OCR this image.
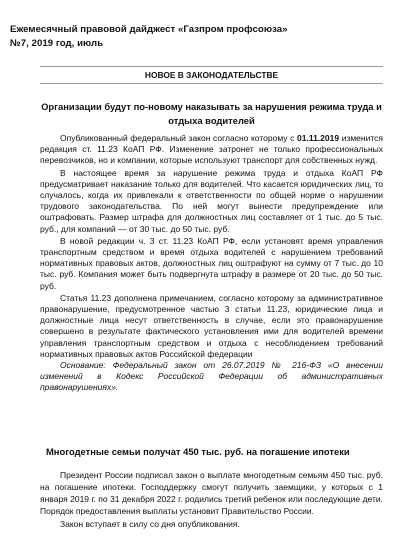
Ежемесячный правовой дайджест «Газпром профсоюза»
№7, 2019 год, июль
НОВОЕ В ЗАКОНОДАТЕЛЬСТВЕ
Организации будут по-новому наказывать за нарушения режима труда и отдыха водителей

Опубликованный федеральный закон согласно которому с 01.11.2019 изменится редакция ст. 11.23 КоАП РФ. Изменение затронет не только профессиональных перевозчиков, но и компании, которые используют транспорт для собственных нужд.

В настоящее время за нарушение режима труда и отдыха КоАП РФ предусматривает наказание только для водителей. Что касается юридических лиц, то случалось, когда их привлекали к ответственности по общей норме о нарушении трудового законодательства. По ней могут вынести предупреждение или оштрафовать. Размер штрафа для должностных лиц составляет от 1 тыс. до 5 тыс. руб., для компаний — от 30 тыс. до 50 тыс. руб.

В новой редакции ч. 3 ст. 11.23 КоАП РФ, если установят время управления транспортным средством и время отдыха водителей с нарушением требований нормативных правовых актов, должностных лиц оштрафуют на сумму от 7 тыс. до 10 тыс. руб. Компания может быть подвергнута штрафу в размере от 20 тыс. до 50 тыс. руб.

Статья 11.23 дополнена примечанием, согласно которому за административное правонарушение, предусмотренное частью 3 статьи 11.23, юридические лица и должностные лица несут ответственность в случае, если это правонарушение совершено в результате фактического установления ими для водителей времени управления транспортным средством и отдыха с несоблюдением требований нормативных правовых актов Российской федерации

Основание: Федеральный закон от 26.07.2019 № 216-ФЗ «О внесении изменений в Кодекс Российской Федерации об административных правонарушениях».

Многодетные семьи получат 450 тыс. руб. на погашение ипотеки

Президент России подписал закон о выплате многодетным семьям 450 тыс. руб. на погашение ипотеки. Господдержку смогут получить заемщики, у которых с 1 января 2019 г. по 31 декабря 2022 г. родились третий ребенок или последующие дети. Порядок предоставления выплаты установит Правительство России.

Закон вступает в силу со дня опубликования.
